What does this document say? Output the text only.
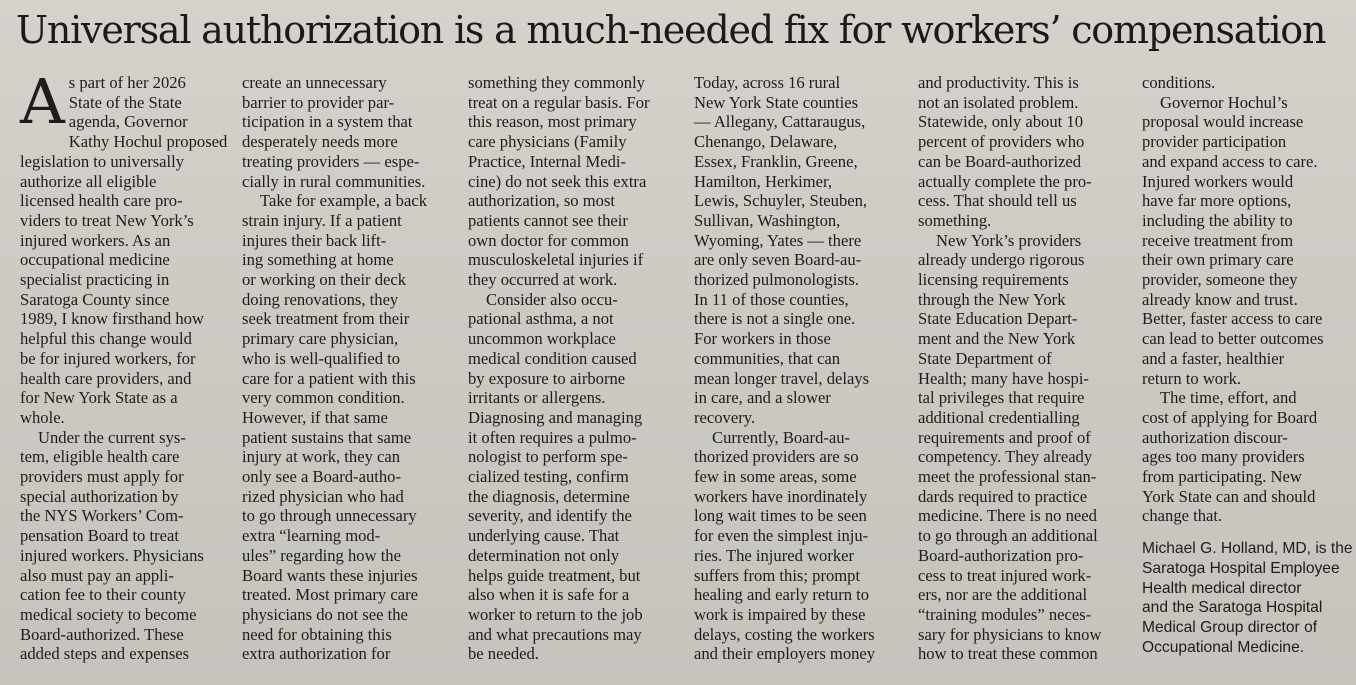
Universal authorization is a much-needed fix for workers’ compensation
A s part of her 2026
State of the State
agenda, Governor
Kathy Hochul proposed
legislation to universally
authorize all eligible
licensed health care pro-
viders to treat New York’s
injured workers. As an
occupational medicine
specialist practicing in
Saratoga County since
1989, I know firsthand how
helpful this change would
be for injured workers, for
health care providers, and
for New York State as a
whole.
Under the current sys-
tem, eligible health care
providers must apply for
special authorization by
the NYS Workers’ Com-
pensation Board to treat
injured workers. Physicians
also must pay an appli-
cation fee to their county
medical society to become
Board-authorized. These
added steps and expenses
create an unnecessary
barrier to provider par-
ticipation in a system that
desperately needs more
treating providers — espe-
cially in rural communities.
Take for example, a back
strain injury. If a patient
injures their back lift-
ing something at home
or working on their deck
doing renovations, they
seek treatment from their
primary care physician,
who is well-qualified to
care for a patient with this
very common condition.
However, if that same
patient sustains that same
injury at work, they can
only see a Board-autho-
rized physician who had
to go through unnecessary
extra “learning mod-
ules” regarding how the
Board wants these injuries
treated. Most primary care
physicians do not see the
need for obtaining this
extra authorization for
something they commonly
treat on a regular basis. For
this reason, most primary
care physicians (Family
Practice, Internal Medi-
cine) do not seek this extra
authorization, so most
patients cannot see their
own doctor for common
musculoskeletal injuries if
they occurred at work.
Consider also occu-
pational asthma, a not
uncommon workplace
medical condition caused
by exposure to airborne
irritants or allergens.
Diagnosing and managing
it often requires a pulmo-
nologist to perform spe-
cialized testing, confirm
the diagnosis, determine
severity, and identify the
underlying cause. That
determination not only
helps guide treatment, but
also when it is safe for a
worker to return to the job
and what precautions may
be needed.
Today, across 16 rural
New York State counties
— Allegany, Cattaraugus,
Chenango, Delaware,
Essex, Franklin, Greene,
Hamilton, Herkimer,
Lewis, Schuyler, Steuben,
Sullivan, Washington,
Wyoming, Yates — there
are only seven Board-au-
thorized pulmonologists.
In 11 of those counties,
there is not a single one.
For workers in those
communities, that can
mean longer travel, delays
in care, and a slower
recovery.
Currently, Board-au-
thorized providers are so
few in some areas, some
workers have inordinately
long wait times to be seen
for even the simplest inju-
ries. The injured worker
suffers from this; prompt
healing and early return to
work is impaired by these
delays, costing the workers
and their employers money
and productivity. This is
not an isolated problem.
Statewide, only about 10
percent of providers who
can be Board-authorized
actually complete the pro-
cess. That should tell us
something.
New York’s providers
already undergo rigorous
licensing requirements
through the New York
State Education Depart-
ment and the New York
State Department of
Health; many have hospi-
tal privileges that require
additional credentialling
requirements and proof of
competency. They already
meet the professional stan-
dards required to practice
medicine. There is no need
to go through an additional
Board-authorization pro-
cess to treat injured work-
ers, nor are the additional
“training modules” neces-
sary for physicians to know
how to treat these common
conditions.
Governor Hochul’s
proposal would increase
provider participation
and expand access to care.
Injured workers would
have far more options,
including the ability to
receive treatment from
their own primary care
provider, someone they
already know and trust.
Better, faster access to care
can lead to better outcomes
and a faster, healthier
return to work.
The time, effort, and
cost of applying for Board
authorization discour-
ages too many providers
from participating. New
York State can and should
change that.
Michael G. Holland, MD, is the
Saratoga Hospital Employee
Health medical director
and the Saratoga Hospital
Medical Group director of
Occupational Medicine.
